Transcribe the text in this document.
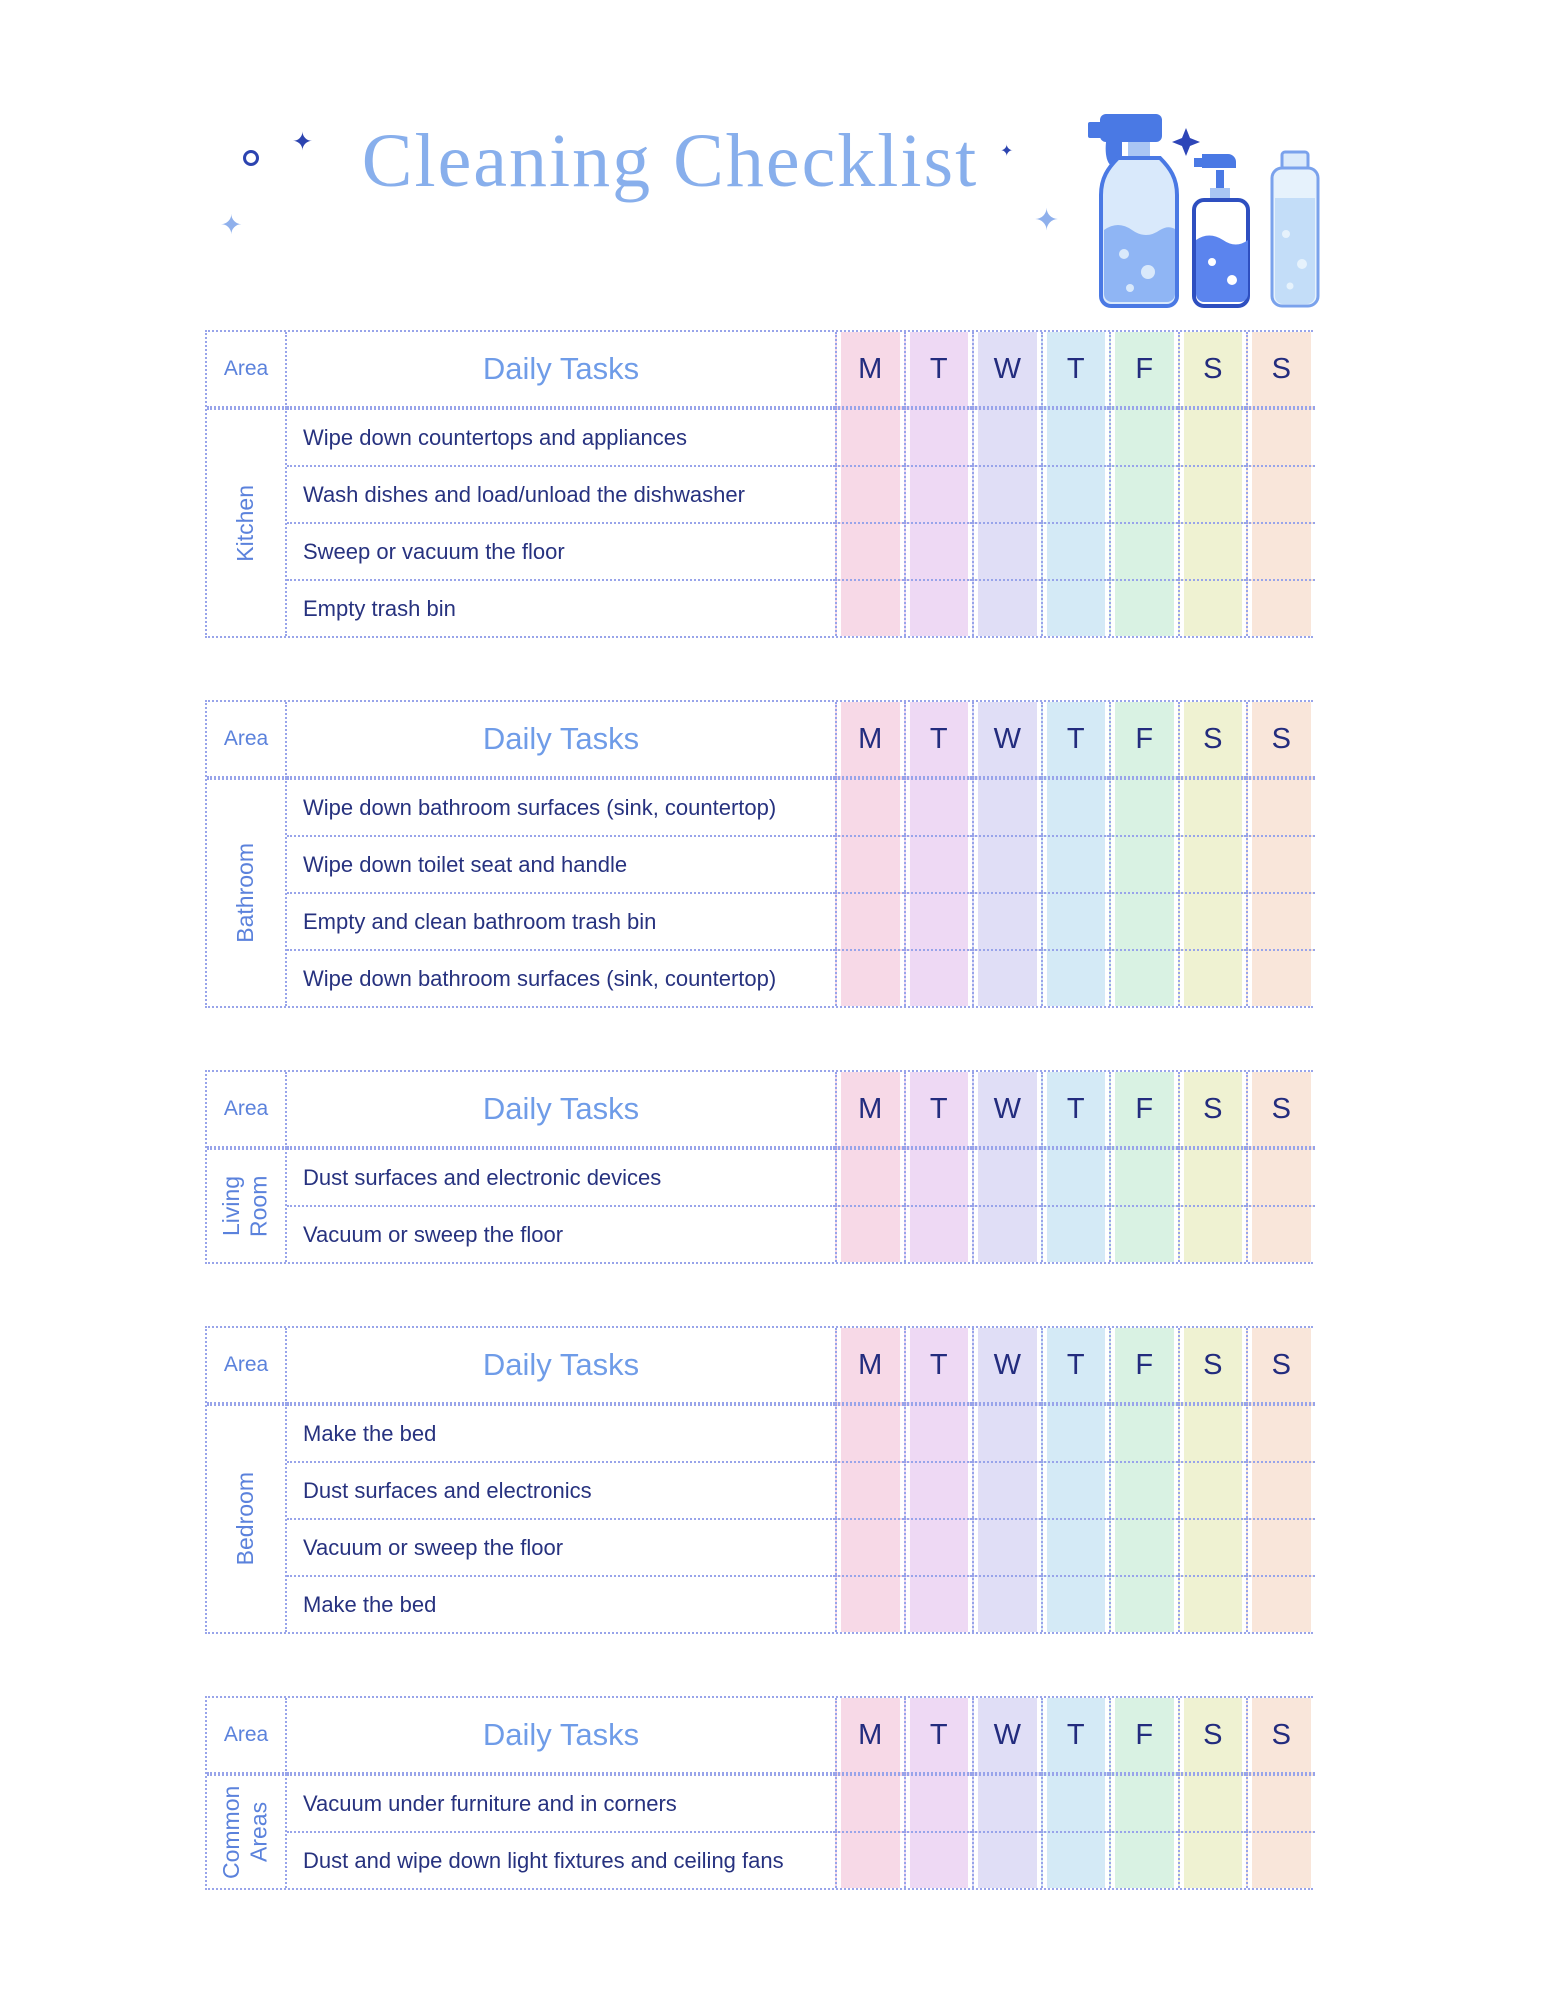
✦
✦	✦
✦
Cleaning Checklist
Area	Daily Tasks	M	T	W	T	F	S	S
Kitchen
Wipe down countertops and appliances
Wash dishes and load/unload the dishwasher
Sweep or vacuum the floor
Empty trash bin
Area	Daily Tasks	M	T	W	T	F	S	S
Bathroom
Wipe down bathroom surfaces (sink, countertop)
Wipe down toilet seat and handle
Empty and clean bathroom trash bin
Wipe down bathroom surfaces (sink, countertop)
Area	Daily Tasks	M	T	W	T	F	S	S
Living Room	Dust surfaces and electronic devices
Vacuum or sweep the floor
Area	Daily Tasks	M	T	W	T	F	S	S
Bedroom
Make the bed
Dust surfaces and electronics
Vacuum or sweep the floor
Make the bed
Area	Daily Tasks	M	T	W	T	F	S	S
Common Areas	Vacuum under furniture and in corners
Dust and wipe down light fixtures and ceiling fans
